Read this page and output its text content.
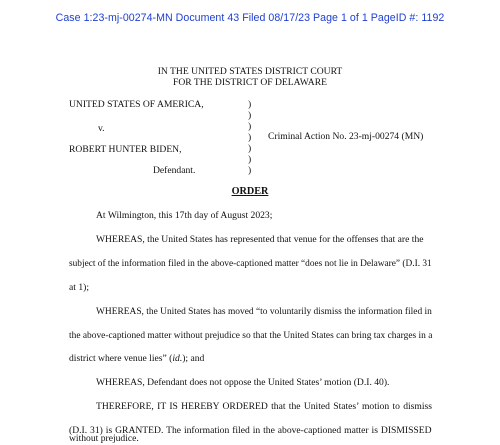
Case 1:23-mj-00274-MN Document 43 Filed 08/17/23 Page 1 of 1 PageID #: 1192
IN THE UNITED STATES DISTRICT COURT
FOR THE DISTRICT OF DELAWARE
UNITED STATES OF AMERICA,
v.
ROBERT HUNTER BIDEN,
Defendant.
)
)
)
)
)
)
)
Criminal Action No. 23-mj-00274 (MN)
ORDER
At Wilmington, this 17th day of August 2023;
WHEREAS, the United States has represented that venue for the offenses that are the
subject of the information filed in the above-captioned matter “does not lie in Delaware” (D.I. 31
at 1);
WHEREAS, the United States has moved “to voluntarily dismiss the information filed in
the above-captioned matter without prejudice so that the United States can bring tax charges in a
district where venue lies” (id.); and
WHEREAS, Defendant does not oppose the United States’ motion (D.I. 40).
THEREFORE, IT IS HEREBY ORDERED that the United States’ motion to dismiss
(D.I. 31) is GRANTED. The information filed in the above-captioned matter is DISMISSED
without prejudice.
